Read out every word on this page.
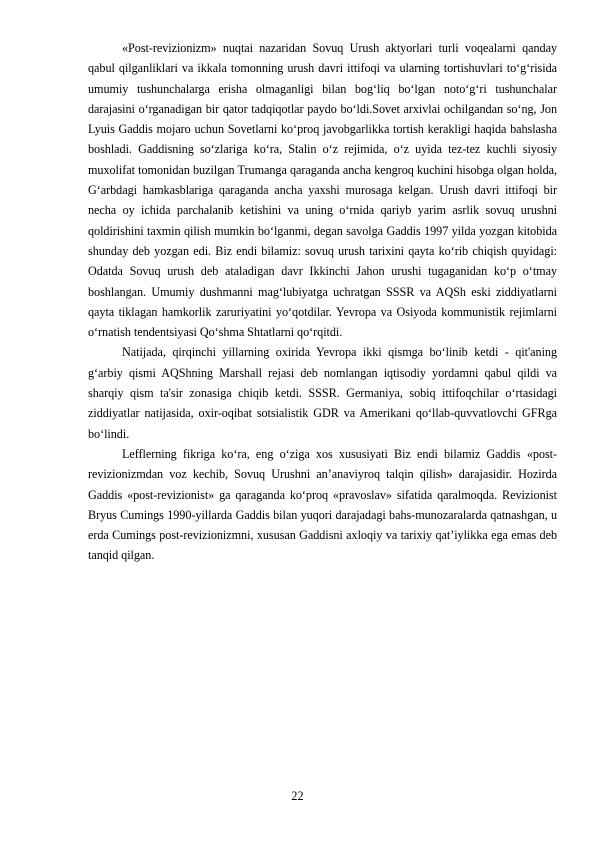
«Post-revizionizm» nuqtai nazaridan Sovuq Urush aktyorlari turli voqealarni qanday qabul qilganliklari va ikkala tomonning urush davri ittifoqi va ularning tortishuvlari to‘g‘risida umumiy tushunchalarga erisha olmaganligi bilan bog‘liq bo‘lgan noto‘g‘ri tushunchalar darajasini o‘rganadigan bir qator tadqiqotlar paydo bo‘ldi.Sovet arxivlai ochilgandan so‘ng, Jon Lyuis Gaddis mojaro uchun Sovetlarni ko‘proq javobgarlikka tortish kerakligi haqida bahslasha boshladi. Gaddisning so‘zlariga ko‘ra, Stalin o‘z rejimida, o‘z uyida tez-tez kuchli siyosiy muxolifat tomonidan buzilgan Trumanga qaraganda ancha kengroq kuchini hisobga olgan holda, G‘arbdagi hamkasblariga qaraganda ancha yaxshi murosaga kelgan. Urush davri ittifoqi bir necha oy ichida parchalanib ketishini va uning o‘rnida qariyb yarim asrlik sovuq urushni qoldirishini taxmin qilish mumkin bo‘lganmi, degan savolga Gaddis 1997 yilda yozgan kitobida shunday deb yozgan edi. Biz endi bilamiz: sovuq urush tarixini qayta ko‘rib chiqish quyidagi: Odatda Sovuq urush deb ataladigan davr Ikkinchi Jahon urushi tugaganidan ko‘p o‘tmay boshlangan. Umumiy dushmanni mag‘lubiyatga uchratgan SSSR va AQSh eski ziddiyatlarni qayta tiklagan hamkorlik zaruriyatini yo‘qotdilar. Yevropa va Osiyoda kommunistik rejimlarni o‘rnatish tendentsiyasi Qo‘shma Shtatlarni qo‘rqitdi.

Natijada, qirqinchi yillarning oxirida Yevropa ikki qismga bo‘linib ketdi - qit'aning g‘arbiy qismi AQShning Marshall rejasi deb nomlangan iqtisodiy yordamni qabul qildi va sharqiy qism ta'sir zonasiga chiqib ketdi. SSSR. Germaniya, sobiq ittifoqchilar o‘rtasidagi ziddiyatlar natijasida, oxir-oqibat sotsialistik GDR va Amerikani qo‘llab-quvvatlovchi GFRga bo‘lindi.

Lefflerning fikriga ko‘ra, eng o‘ziga xos xususiyati Biz endi bilamiz Gaddis «post-revizionizmdan voz kechib, Sovuq Urushni an’anaviyroq talqin qilish» darajasidir. Hozirda Gaddis «post-revizionist» ga qaraganda ko‘proq «pravoslav» sifatida qaralmoqda. Revizionist Bryus Cumings 1990-yillarda Gaddis bilan yuqori darajadagi bahs-munozaralarda qatnashgan, u erda Cumings post-revizionizmni, xususan Gaddisni axloqiy va tarixiy qat’iylikka ega emas deb tanqid qilgan.

22
